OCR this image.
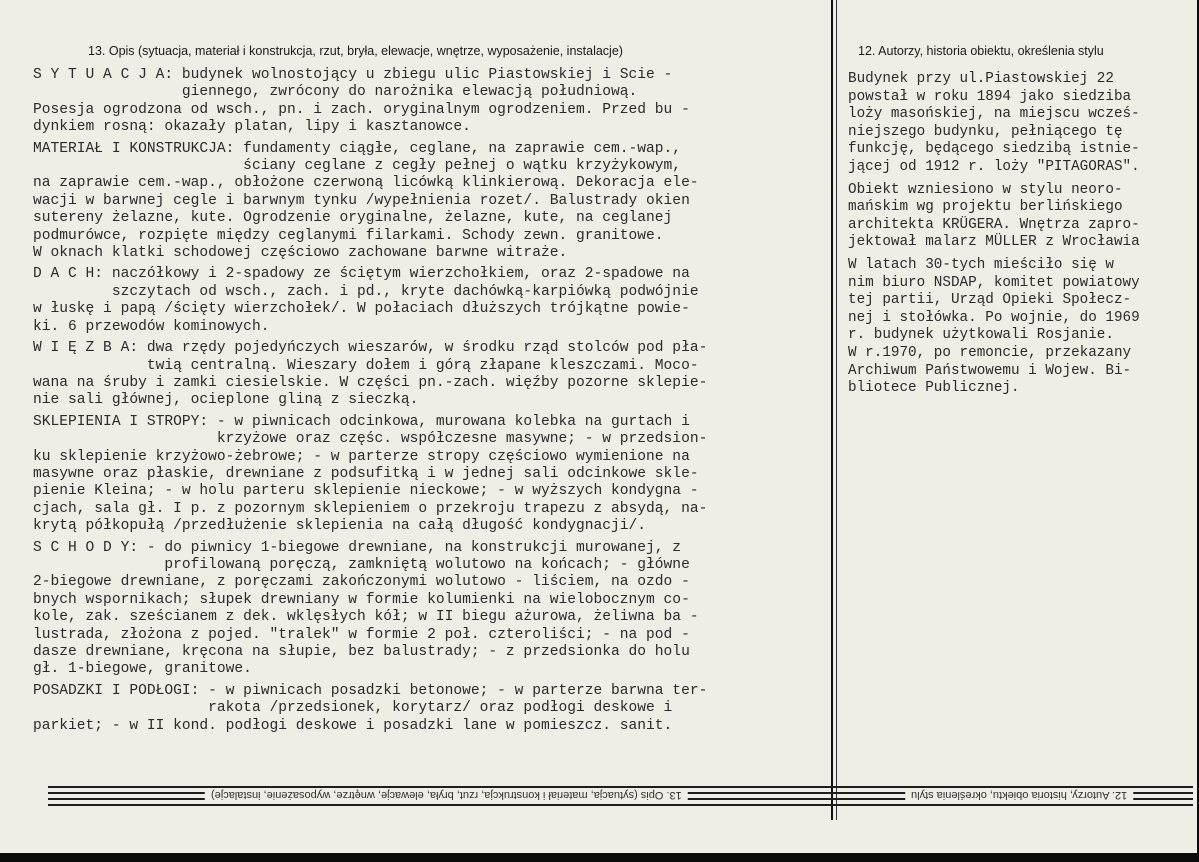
13. Opis (sytuacja, materiał i konstrukcja, rzut, bryła, elewacje, wnętrze, wyposażenie, instalacje)	12. Autorzy, historia obiektu, określenia stylu
S Y T U A C J A: budynek wolnostojący u zbiegu ulic Piastowskiej i Scie -
giennego, zwrócony do narożnika elewacją południową.
Posesja ogrodzona od wsch., pn. i zach. oryginalnym ogrodzeniem. Przed bu -
dynkiem rosną: okazały platan, lipy i kasztanowce.
MATERIAŁ I KONSTRUKCJA: fundamenty ciągłe, ceglane, na zaprawie cem.-wap.,
ściany ceglane z cegły pełnej o wątku krzyżykowym,
na zaprawie cem.-wap., obłożone czerwoną licówką klinkierową. Dekoracja ele-
wacji w barwnej cegle i barwnym tynku /wypełnienia rozet/. Balustrady okien
sutereny żelazne, kute. Ogrodzenie oryginalne, żelazne, kute, na ceglanej
podmurówce, rozpięte między ceglanymi filarkami. Schody zewn. granitowe.
W oknach klatki schodowej częściowo zachowane barwne witraże.
D A C H: naczółkowy i 2-spadowy ze ściętym wierzchołkiem, oraz 2-spadowe na
szczytach od wsch., zach. i pd., kryte dachówką-karpiówką podwójnie
w łuskę i papą /ścięty wierzchołek/. W połaciach dłuższych trójkątne powie-
ki. 6 przewodów kominowych.
W I Ę Z B A: dwa rzędy pojedyńczych wieszarów, w środku rząd stolców pod pła-
twią centralną. Wieszary dołem i górą złapane kleszczami. Moco-
wana na śruby i zamki ciesielskie. W części pn.-zach. więźby pozorne sklepie-
nie sali głównej, ocieplone gliną z sieczką.
SKLEPIENIA I STROPY: - w piwnicach odcinkowa, murowana kolebka na gurtach i
krzyżowe oraz częśc. współczesne masywne; - w przedsion-
ku sklepienie krzyżowo-żebrowe; - w parterze stropy częściowo wymienione na
masywne oraz płaskie, drewniane z podsufitką i w jednej sali odcinkowe skle-
pienie Kleina; - w holu parteru sklepienie nieckowe; - w wyższych kondygna -
cjach, sala gł. I p. z pozornym sklepieniem o przekroju trapezu z absydą, na-
krytą półkopułą /przedłużenie sklepienia na całą długość kondygnacji/.
S C H O D Y: - do piwnicy 1-biegowe drewniane, na konstrukcji murowanej, z
profilowaną poręczą, zamkniętą wolutowo na końcach; - główne
2-biegowe drewniane, z poręczami zakończonymi wolutowo - liściem, na ozdo -
bnych wspornikach; słupek drewniany w formie kolumienki na wielobocznym co-
kole, zak. sześcianem z dek. wklęsłych kół; w II biegu ażurowa, żeliwna ba -
lustrada, złożona z poјed. "tralek" w formie 2 poł. czteroliści; - na pod -
dasze drewniane, kręcona na słupie, bez balustrady; - z przedsionka do holu
gł. 1-biegowe, granitowe.
POSADZKI I PODŁOGI: - w piwnicach posadzki betonowe; - w parterze barwna ter-
rakota /przedsionek, korytarz/ oraz podłogi deskowe i
parkiet; - w II kond. podłogi deskowe i posadzki lane w pomieszcz. sanit.
Budynek przy ul.Piastowskiej 22
powstał w roku 1894 jako siedziba
loży masońskiej, na miejscu wcześ-
niejszego budynku, pełniącego tę
funkcję, będącego siedzibą istnie-
jącej od 1912 r. loży "PITAGORAS".
Obiekt wzniesiono w stylu neoro-
mańskim wg projektu berlińskiego
architekta KRÜGERA. Wnętrza zapro-
jektował malarz MÜLLER z Wrocławia
W latach 30-tych mieściło się w
nim biuro NSDAP, komitet powiatowy
tej partii, Urząd Opieki Społecz-
nej i stołówka. Po wojnie, do 1969
r. budynek użytkowali Rosjanie.
W r.1970, po remoncie, przekazany
Archiwum Państwowemu i Wojew. Bi-
bliotece Publicznej.
13. Opis (sytuacja, materiał i konstrukcja, rzut, bryła, elewacje, wnętrze, wyposażenie, instalacje)	12. Autorzy, historia obiektu, określenia stylu
